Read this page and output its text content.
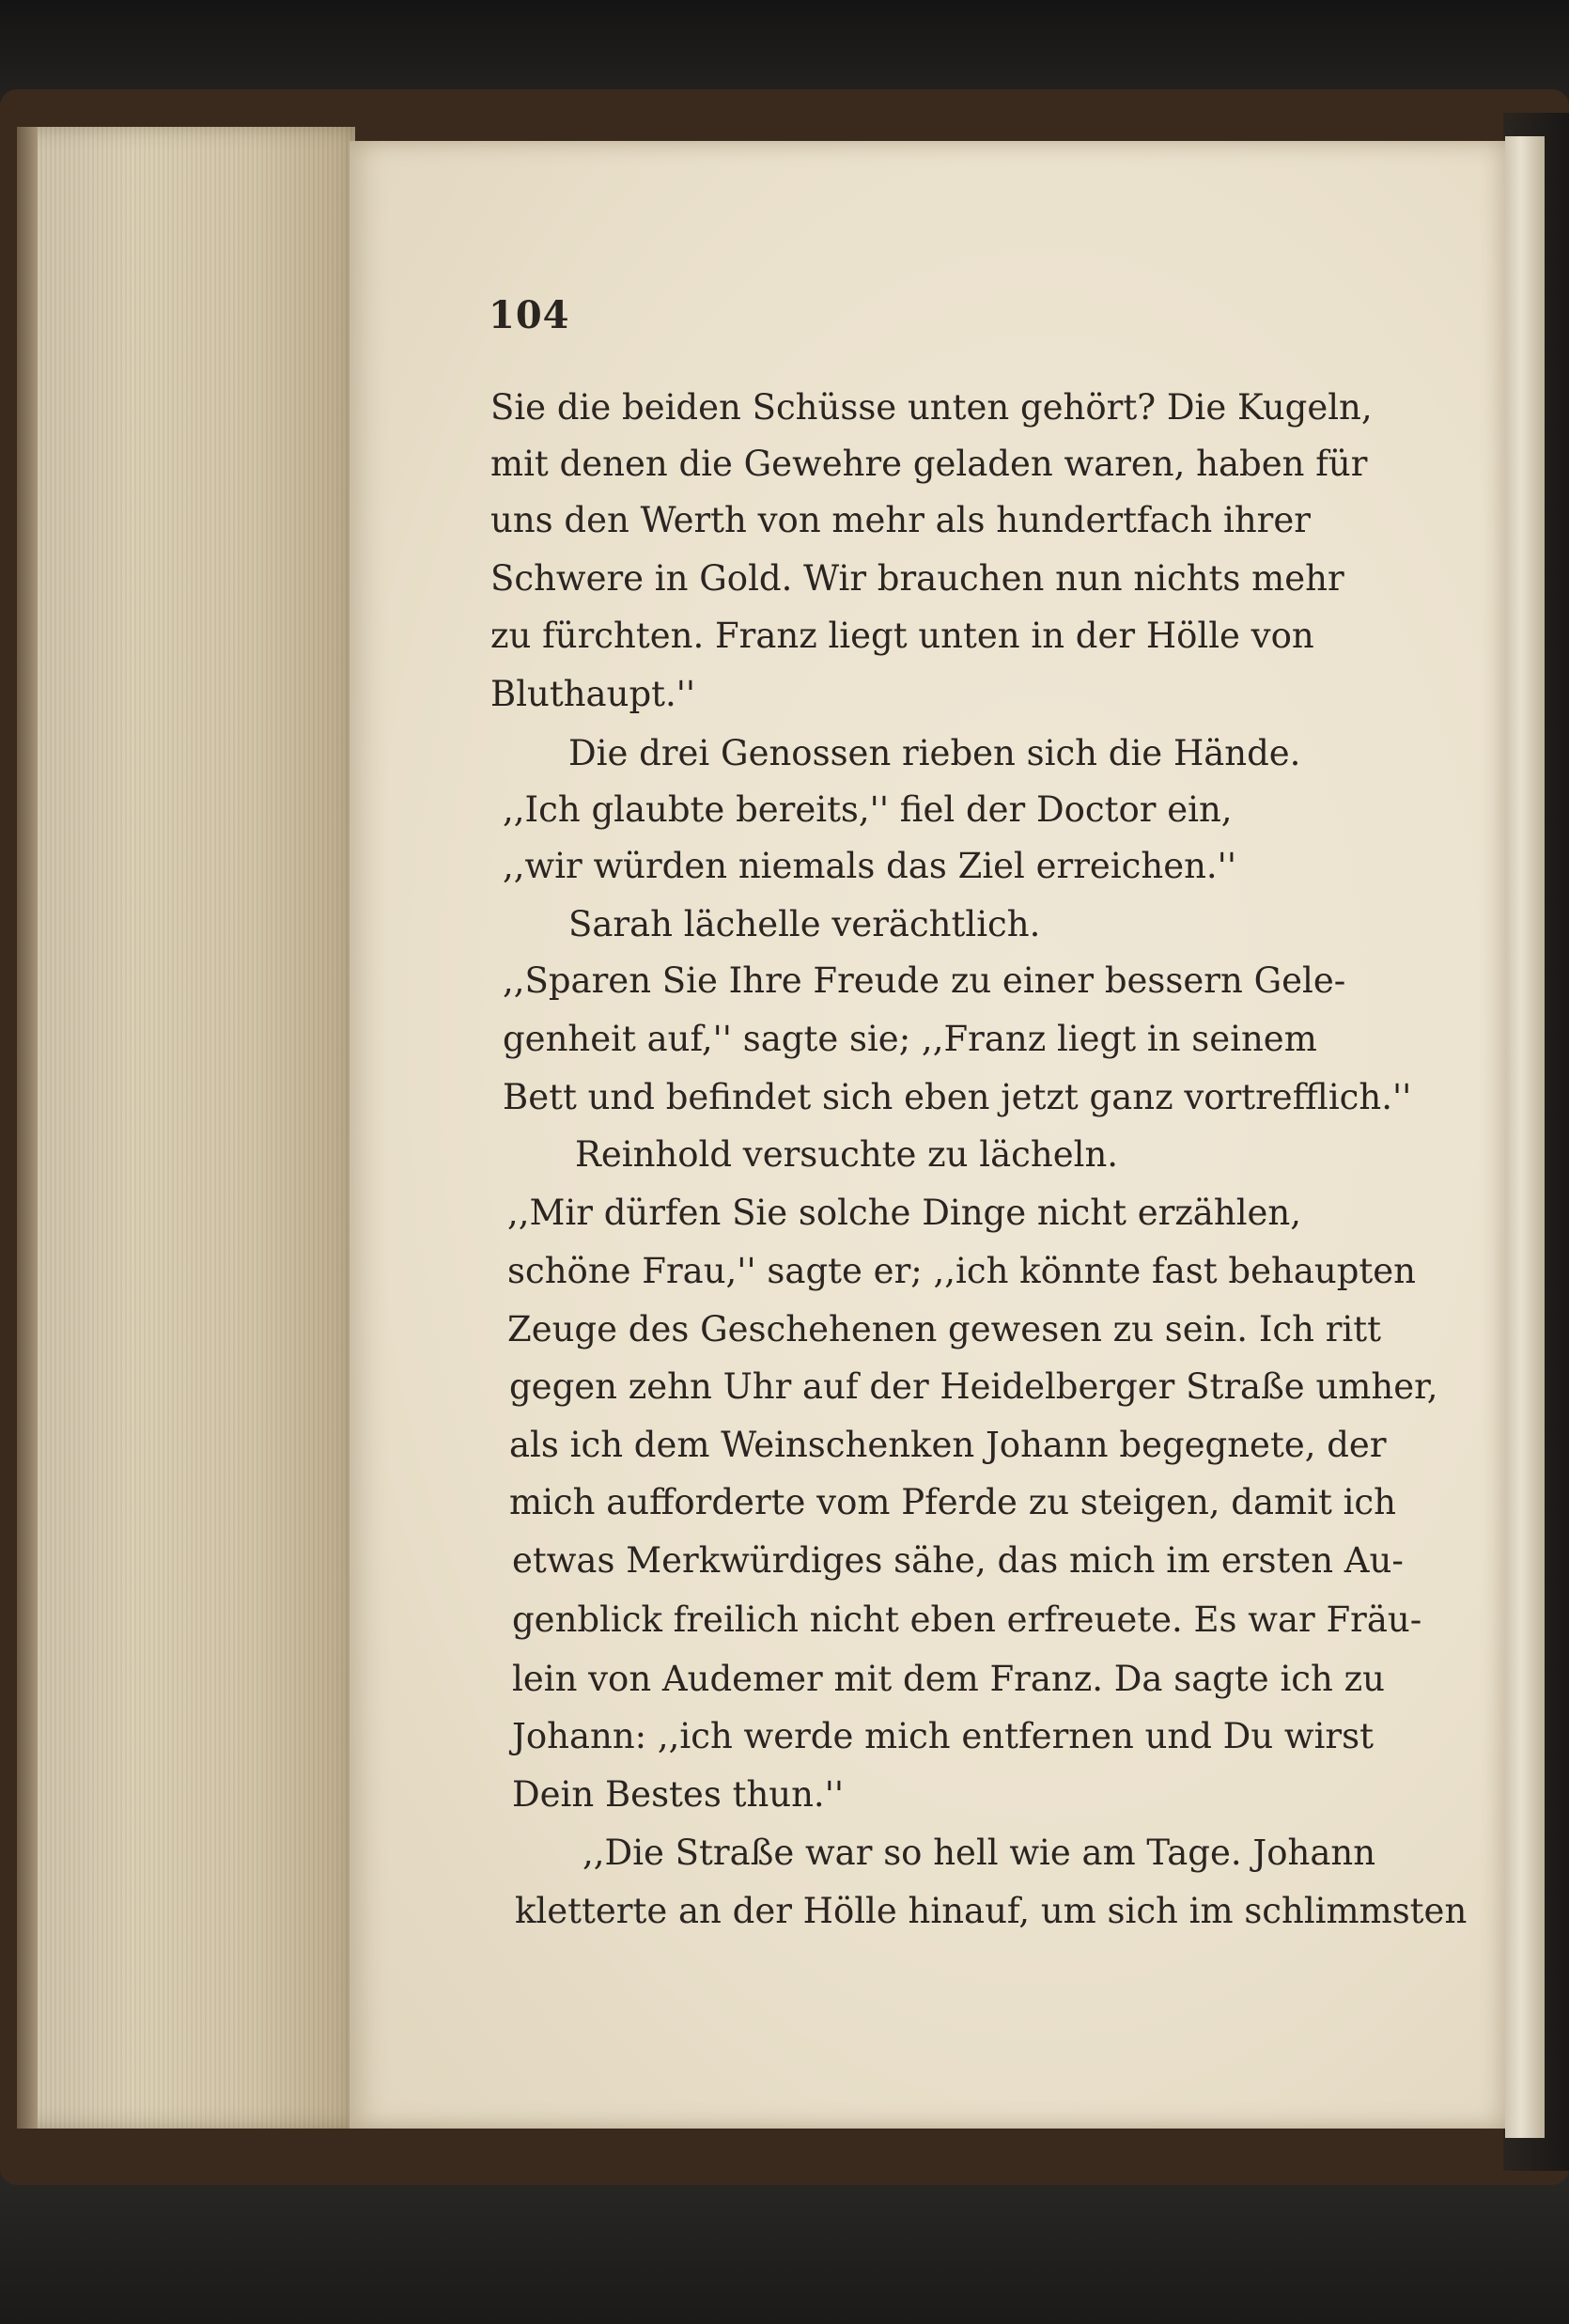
104
Sie die beiden Schüsse unten gehört? Die Kugeln,
mit denen die Gewehre geladen waren, haben für
uns den Werth von mehr als hundertfach ihrer
Schwere in Gold. Wir brauchen nun nichts mehr
zu fürchten. Franz liegt unten in der Hölle von
Bluthaupt.''
Die drei Genossen rieben sich die Hände.
,,Ich glaubte bereits,'' fiel der Doctor ein,
,,wir würden niemals das Ziel erreichen.''
Sarah lächelle verächtlich.
,,Sparen Sie Ihre Freude zu einer bessern Gele-
genheit auf,'' sagte sie; ,,Franz liegt in seinem
Bett und befindet sich eben jetzt ganz vortrefflich.''
Reinhold versuchte zu lächeln.
,,Mir dürfen Sie solche Dinge nicht erzählen,
schöne Frau,'' sagte er; ,,ich könnte fast behaupten
Zeuge des Geschehenen gewesen zu sein. Ich ritt
gegen zehn Uhr auf der Heidelberger Straße umher,
als ich dem Weinschenken Johann begegnete, der
mich aufforderte vom Pferde zu steigen, damit ich
etwas Merkwürdiges sähe, das mich im ersten Au-
genblick freilich nicht eben erfreuete. Es war Fräu-
lein von Audemer mit dem Franz. Da sagte ich zu
Johann: ,,ich werde mich entfernen und Du wirst
Dein Bestes thun.''
,,Die Straße war so hell wie am Tage. Johann
kletterte an der Hölle hinauf, um sich im schlimmsten
